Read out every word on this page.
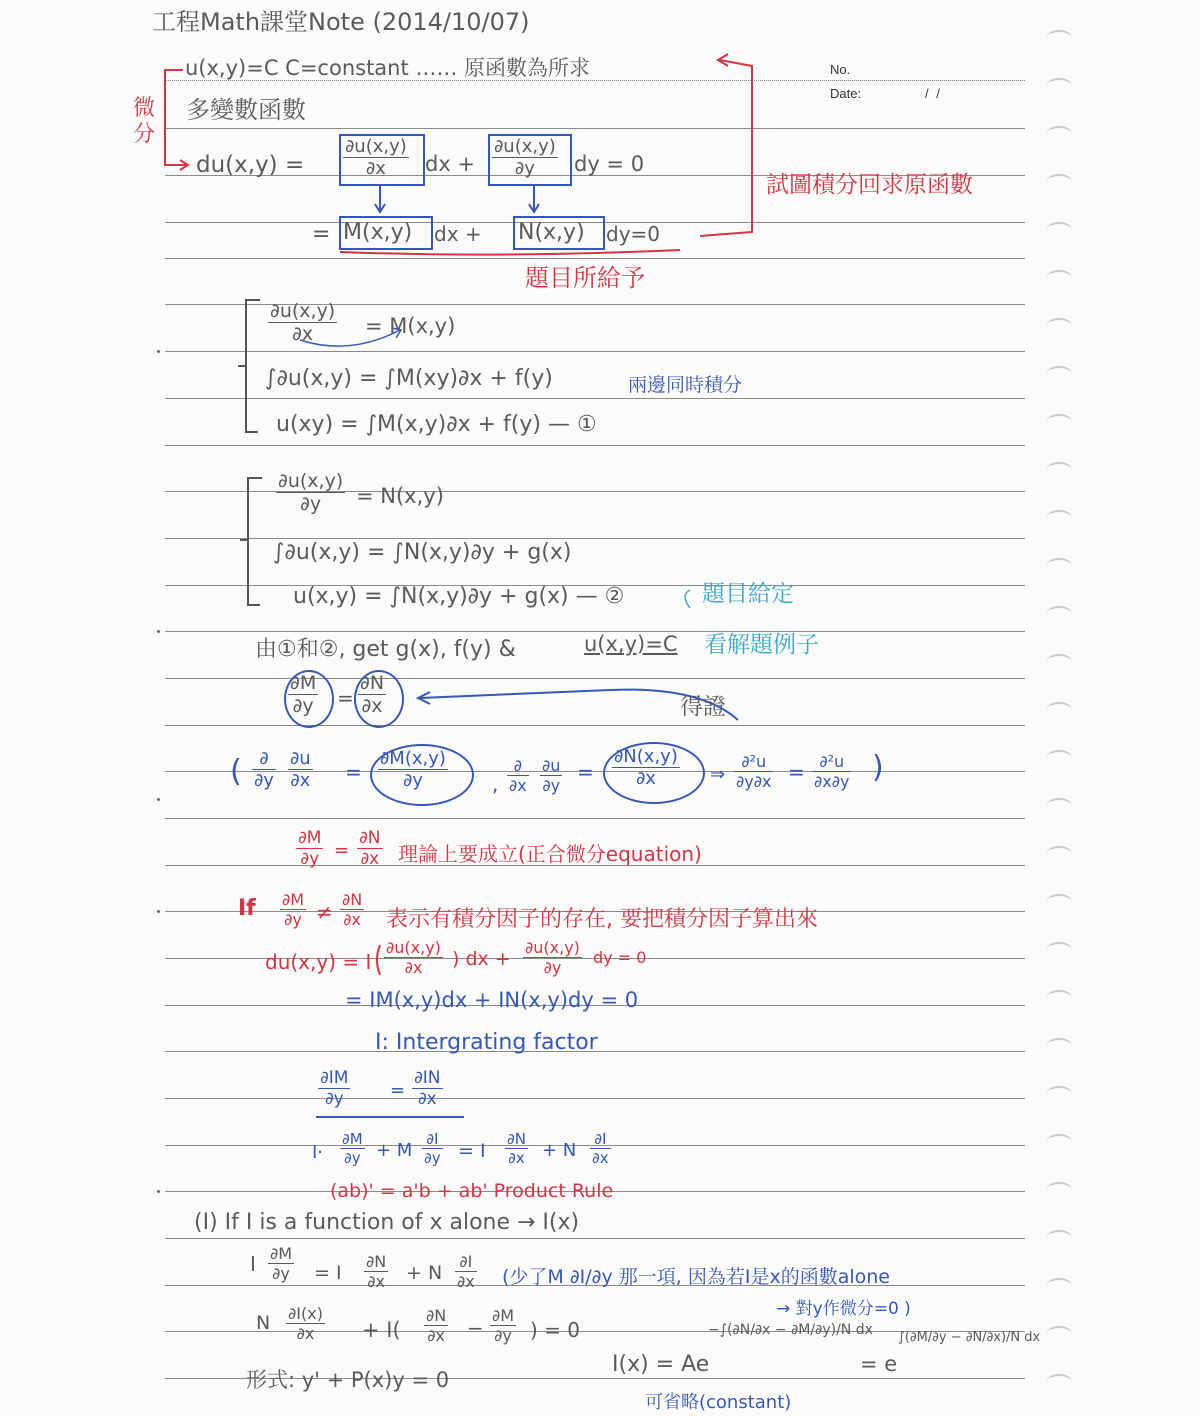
No.
Date:	/ /
工程Math課堂Note (2014/10/07)
u(x,y)=C C=constant …… 原函數為所求
微分
多變數函數
$du(x,y) = \frac{\partial u(x,y)}{\partial x}$ dx + $\frac{\partial u(x,y)}{\partial y}$ dy = 0
= M(x,y) dx + N(x,y) dy=0
題目所給予
試圖積分回求原函數
$\frac{\partial u(x,y)}{\partial x} = M(x,y)$
∫∂u(x,y) = ∫M(xy)∂x + f(y)	兩邊同時積分
u(xy) = ∫M(x,y)∂x + f(y) — ①
$\frac{\partial u(x,y)}{\partial y} = N(x,y)$
∫∂u(x,y) = ∫N(x,y)∂y + g(x)
u(x,y) = ∫N(x,y)∂y + g(x) — ②	題目給定
由①和②, get g(x), f(y) &	u(x,y)=C 看解題例子
$\frac{\partial M}{\partial y} = \frac{\partial N}{\partial x}$	得證
( $\frac{\partial}{\partial y} \frac{\partial u}{\partial x} = \frac{\partial M(x,y)}{\partial y}$ , $\frac{\partial}{\partial x} \frac{\partial u}{\partial y} = \frac{\partial N(x,y)}{\partial x}$ ⇒ $\frac{\text{∂²u}}{\partial y\partial x} = \frac{\text{∂²u}}{\partial x\partial y}$ )
$\frac{\partial M}{\partial y} = \frac{\partial N}{\partial x}$ 理論上要成立(正合微分equation)
If $\frac{\partial M}{\partial y} \ne \frac{\partial N}{\partial x}$ 表示有積分因子的存在, 要把積分因子算出來
du(x,y) = I $\frac{\partial u(x,y)}{\partial x}$ ) dx + $\frac{\partial u(x,y)}{\partial y}$ dy = 0
= IM(x,y)dx + IN(x,y)dy = 0
I: Intergrating factor
$\frac{\partial IM}{\partial y} = \frac{\partial IN}{\partial x}$
$I\cdot \frac{\partial M}{\partial y} + M \frac{\partial I}{\partial y} = I \frac{\partial N}{\partial x} + N \frac{\partial I}{\partial x}$
(ab)' = a'b + ab' Product Rule
(I) If I is a function of x alone → I(x)
I $\frac{\partial M}{\partial y} = I \frac{\partial N}{\partial x} + N \frac{\partial I}{\partial x}$ (少了M ∂I/∂y 那一項, 因為若I是x的函數alone
→ 對y作微分=0 )
N $\frac{\partial I(x)}{\partial x} + I( \frac{\partial N}{\partial x} - \frac{\partial M}{\partial y}$ ) = 0
形式: y' + P(x)y = 0
I(x) = Ae
−∫(∂N/∂x − ∂M/∂y)/N dx
= e
∫(∂M/∂y − ∂N/∂x)/N dx
可省略(constant)
